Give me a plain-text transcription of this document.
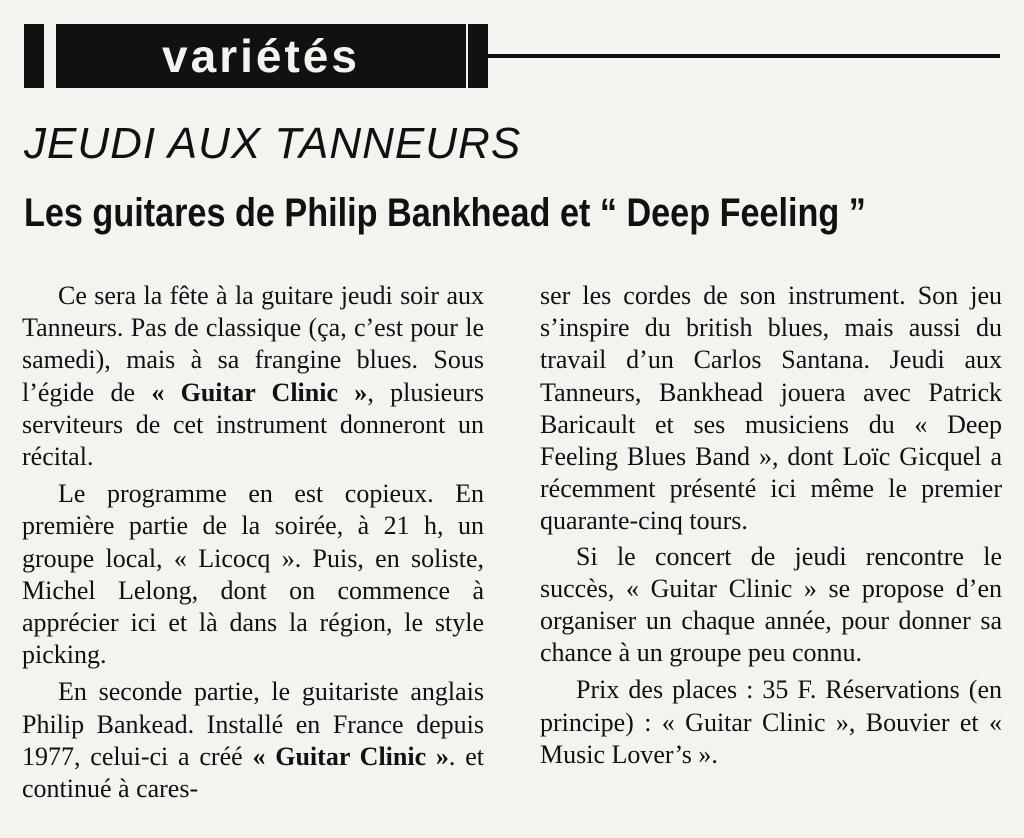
variétés
JEUDI AUX TANNEURS
Les guitares de Philip Bankhead et “ Deep Feeling ”

Ce sera la fête à la guitare jeudi soir aux Tanneurs. Pas de classique (ça, c’est pour le samedi), mais à sa frangine blues. Sous l’égide de « Guitar Clinic », plusieurs serviteurs de cet instrument donneront un récital.

Le programme en est copieux. En première partie de la soirée, à 21 h, un groupe local, « Licocq ». Puis, en soliste, Michel Lelong, dont on commence à apprécier ici et là dans la région, le style picking.

En seconde partie, le guitariste anglais Philip Bankead. Installé en France depuis 1977, celui-ci a créé « Guitar Clinic ». et continué à cares-

ser les cordes de son instrument. Son jeu s’inspire du british blues, mais aussi du travail d’un Carlos Santana. Jeudi aux Tanneurs, Bankhead jouera avec Patrick Baricault et ses musiciens du « Deep Feeling Blues Band », dont Loïc Gicquel a récemment présenté ici même le premier quarante-cinq tours.

Si le concert de jeudi rencontre le succès, « Guitar Clinic » se propose d’en organiser un chaque année, pour donner sa chance à un groupe peu connu.

Prix des places : 35 F. Réservations (en principe) : « Guitar Clinic », Bouvier et « Music Lover’s ».
